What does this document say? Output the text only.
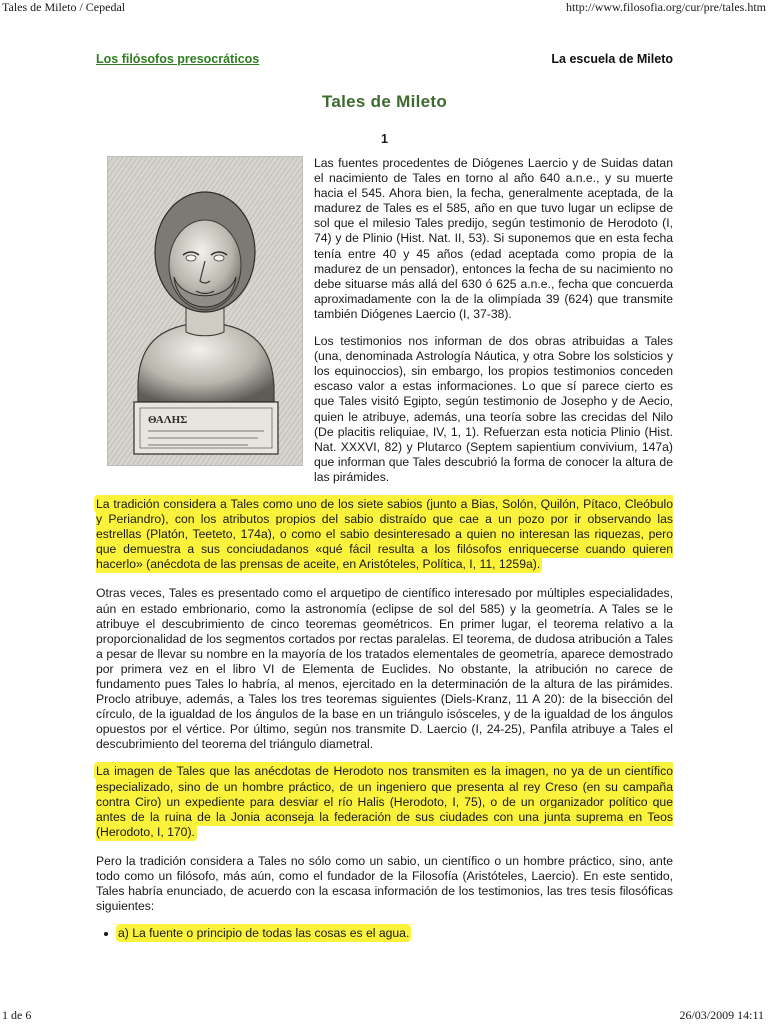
Tales de Mileto / Cepedal	http://www.filosofia.org/cur/pre/tales.htm
Los filósofos presocráticos	La escuela de Mileto
Tales de Mileto
1
ΘΑΛΗΣ

Las fuentes procedentes de Diógenes Laercio y de Suidas datan el nacimiento de Tales en torno al año 640 a.n.e., y su muerte hacia el 545. Ahora bien, la fecha, generalmente aceptada, de la madurez de Tales es el 585, año en que tuvo lugar un eclipse de sol que el milesio Tales predijo, según testimonio de Herodoto (I, 74) y de Plinio (Hist. Nat. II, 53). Si suponemos que en esta fecha tenía entre 40 y 45 años (edad aceptada como propia de la madurez de un pensador), entonces la fecha de su nacimiento no debe situarse más allá del 630 ó 625 a.n.e., fecha que concuerda aproximadamente con la de la olimpíada 39 (624) que transmite también Diógenes Laercio (I, 37-38).

Los testimonios nos informan de dos obras atribuidas a Tales (una, denominada Astrología Náutica, y otra Sobre los solsticios y los equinoccios), sin embargo, los propios testimonios conceden escaso valor a estas informaciones. Lo que sí parece cierto es que Tales visitó Egipto, según testimonio de Josepho y de Aecio, quien le atribuye, además, una teoría sobre las crecidas del Nilo (De placitis reliquiae, IV, 1, 1). Refuerzan esta noticia Plinio (Hist. Nat. XXXVI, 82) y Plutarco (Septem sapientium convivium, 147a) que informan que Tales descubrió la forma de conocer la altura de las pirámides.

La tradición considera a Tales como uno de los siete sabios (junto a Bias, Solón, Quilón, Pítaco, Cleóbulo y Periandro), con los atributos propios del sabio distraído que cae a un pozo por ir observando las estrellas (Platón, Teeteto, 174a), o como el sabio desinteresado a quien no interesan las riquezas, pero que demuestra a sus conciudadanos «qué fácil resulta a los filósofos enriquecerse cuando quieren hacerlo» (anécdota de las prensas de aceite, en Aristóteles, Política, I, 11, 1259a).

Otras veces, Tales es presentado como el arquetipo de científico interesado por múltiples especialidades, aún en estado embrionario, como la astronomía (eclipse de sol del 585) y la geometría. A Tales se le atribuye el descubrimiento de cinco teoremas geométricos. En primer lugar, el teorema relativo a la proporcionalidad de los segmentos cortados por rectas paralelas. El teorema, de dudosa atribución a Tales a pesar de llevar su nombre en la mayoría de los tratados elementales de geometría, aparece demostrado por primera vez en el libro VI de Elementa de Euclides. No obstante, la atribución no carece de fundamento pues Tales lo habría, al menos, ejercitado en la determinación de la altura de las pirámides. Proclo atribuye, además, a Tales los tres teoremas siguientes (Diels-Kranz, 11 A 20): de la bisección del círculo, de la igualdad de los ángulos de la base en un triángulo isósceles, y de la igualdad de los ángulos opuestos por el vértice. Por último, según nos transmite D. Laercio (I, 24-25), Panfila atribuye a Tales el descubrimiento del teorema del triángulo diametral.

La imagen de Tales que las anécdotas de Herodoto nos transmiten es la imagen, no ya de un científico especializado, sino de un hombre práctico, de un ingeniero que presenta al rey Creso (en su campaña contra Ciro) un expediente para desviar el río Halis (Herodoto, I, 75), o de un organizador político que antes de la ruina de la Jonia aconseja la federación de sus ciudades con una junta suprema en Teos (Herodoto, I, 170).

Pero la tradición considera a Tales no sólo como un sabio, un científico o un hombre práctico, sino, ante todo como un filósofo, más aún, como el fundador de la Filosofía (Aristóteles, Laercio). En este sentido, Tales habría enunciado, de acuerdo con la escasa información de los testimonios, las tres tesis filosóficas siguientes:

• a) La fuente o principio de todas las cosas es el agua.
1 de 6	26/03/2009 14:11
